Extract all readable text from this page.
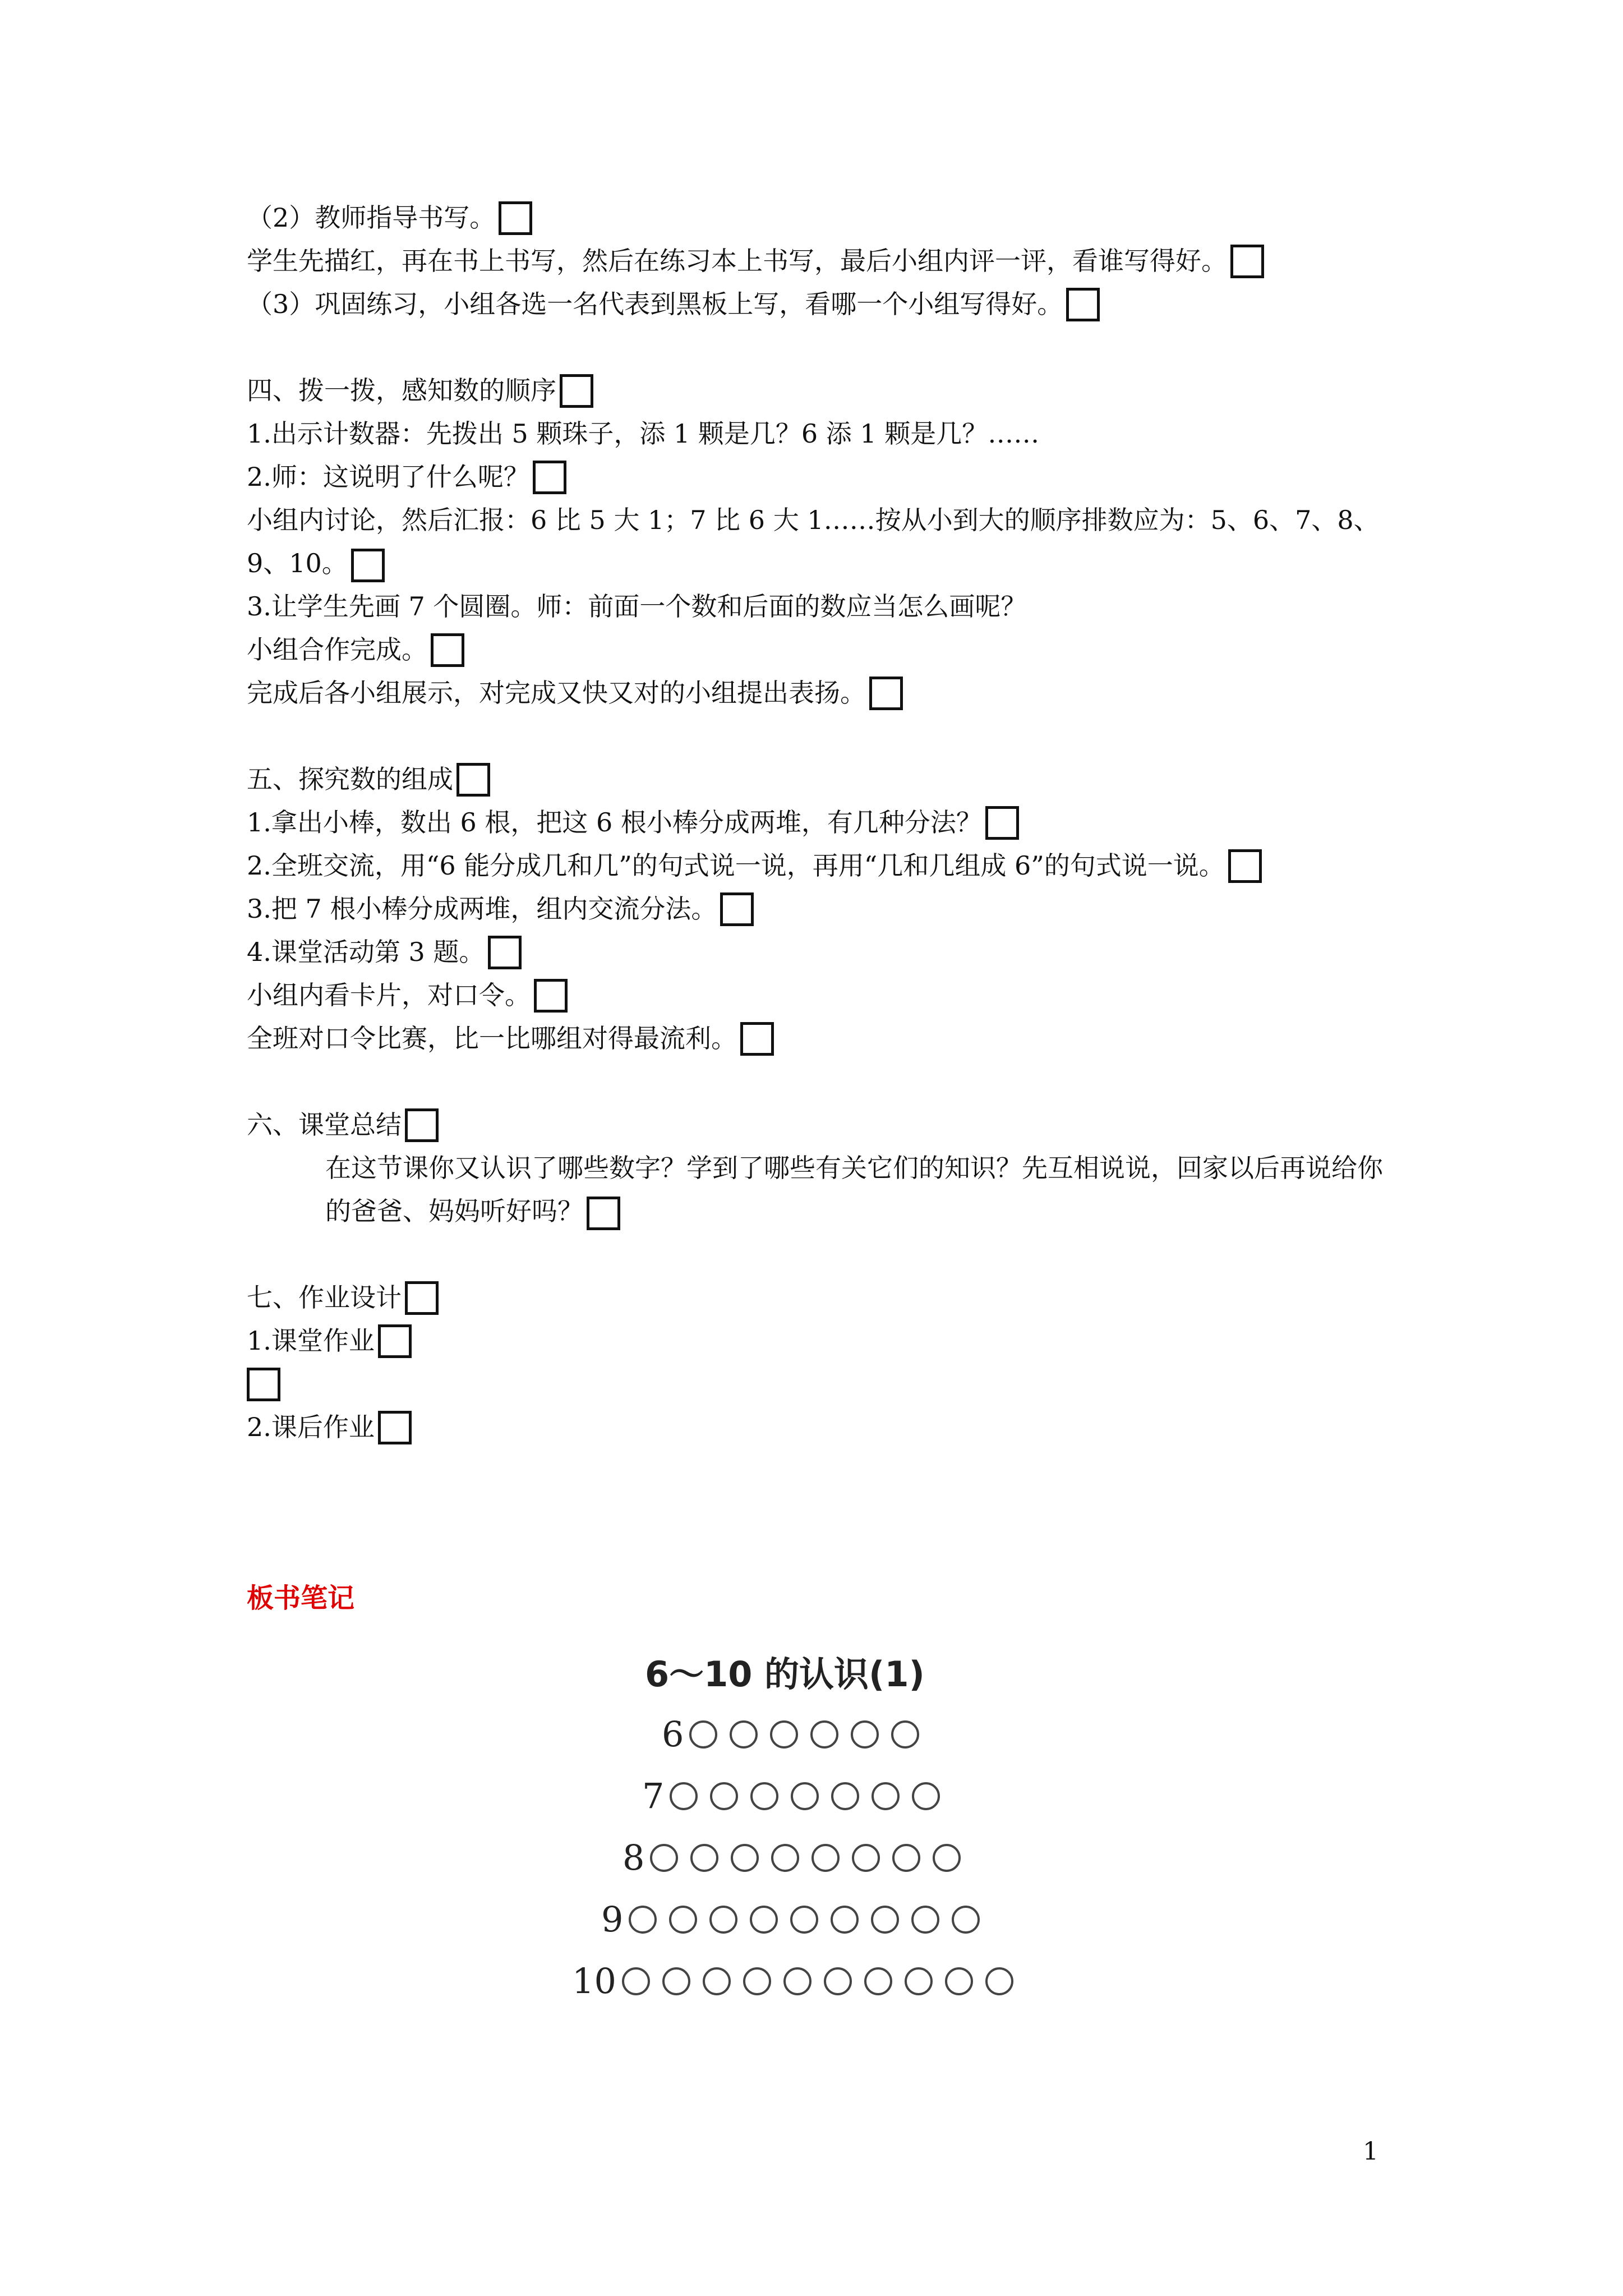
（2）教师指导书写。
学生先描红，再在书上书写，然后在练习本上书写，最后小组内评一评，看谁写得好。
（3）巩固练习，小组各选一名代表到黑板上写，看哪一个小组写得好。
四、拨一拨，感知数的顺序
1.出示计数器：先拨出 5 颗珠子，添 1 颗是几？6 添 1 颗是几？……
2.师：这说明了什么呢？
小组内讨论，然后汇报：6 比 5 大 1；7 比 6 大 1……按从小到大的顺序排数应为：5、6、7、8、9、10。
3.让学生先画 7 个圆圈。师：前面一个数和后面的数应当怎么画呢？
小组合作完成。
完成后各小组展示，对完成又快又对的小组提出表扬。
五、探究数的组成
1.拿出小棒，数出 6 根，把这 6 根小棒分成两堆，有几种分法？
2.全班交流，用“6 能分成几和几”的句式说一说，再用“几和几组成 6”的句式说一说。
3.把 7 根小棒分成两堆，组内交流分法。
4.课堂活动第 3 题。
小组内看卡片，对口令。
全班对口令比赛，比一比哪组对得最流利。
六、课堂总结
在这节课你又认识了哪些数字？学到了哪些有关它们的知识？先互相说说，回家以后再说给你的爸爸、妈妈听好吗？
七、作业设计
1.课堂作业
2.课后作业
板书笔记
6～10 的认识(1)
6
7
8
9
10
1
